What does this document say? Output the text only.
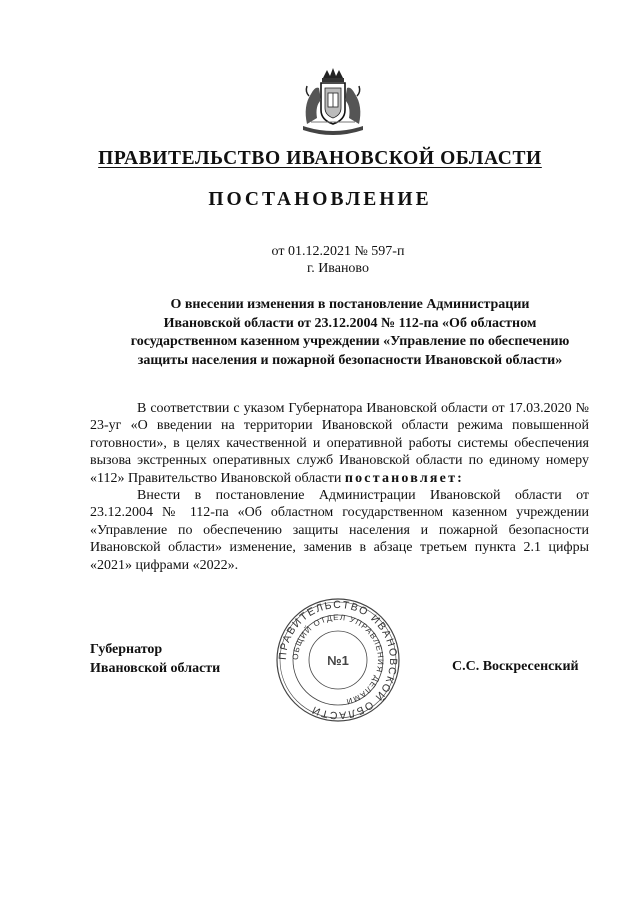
ПРАВИТЕЛЬСТВО ИВАНОВСКОЙ ОБЛАСТИ
ПОСТАНОВЛЕНИЕ
от 01.12.2021 № 597-п
г. Иваново
О внесении изменения в постановление Администрации
Ивановской области от 23.12.2004 № 112-па «Об областном
государственном казенном учреждении «Управление по обеспечению
защиты населения и пожарной безопасности Ивановской области»

В соответствии с указом Губернатора Ивановской области от 17.03.2020 № 23-уг «О введении на территории Ивановской области режима повышенной готовности», в целях качественной и оперативной работы системы обеспечения вызова экстренных оперативных служб Ивановской области по единому номеру «112» Правительство Ивановской области постановляет:

Внести в постановление Администрации Ивановской области от 23.12.2004 № 112-па «Об областном государственном казенном учреждении «Управление по обеспечению защиты населения и пожарной безопасности Ивановской области» изменение, заменив в абзаце третьем пункта 2.1 цифры «2021» цифрами «2022».

Губернатор
Ивановской области
ПРАВИТЕЛЬСТВО ИВАНОВСКОЙ ОБЛАСТИ
ОБЩИЙ ОТДЕЛ УПРАВЛЕНИЯ ДЕЛАМИ
№1	С.С. Воскресенский
